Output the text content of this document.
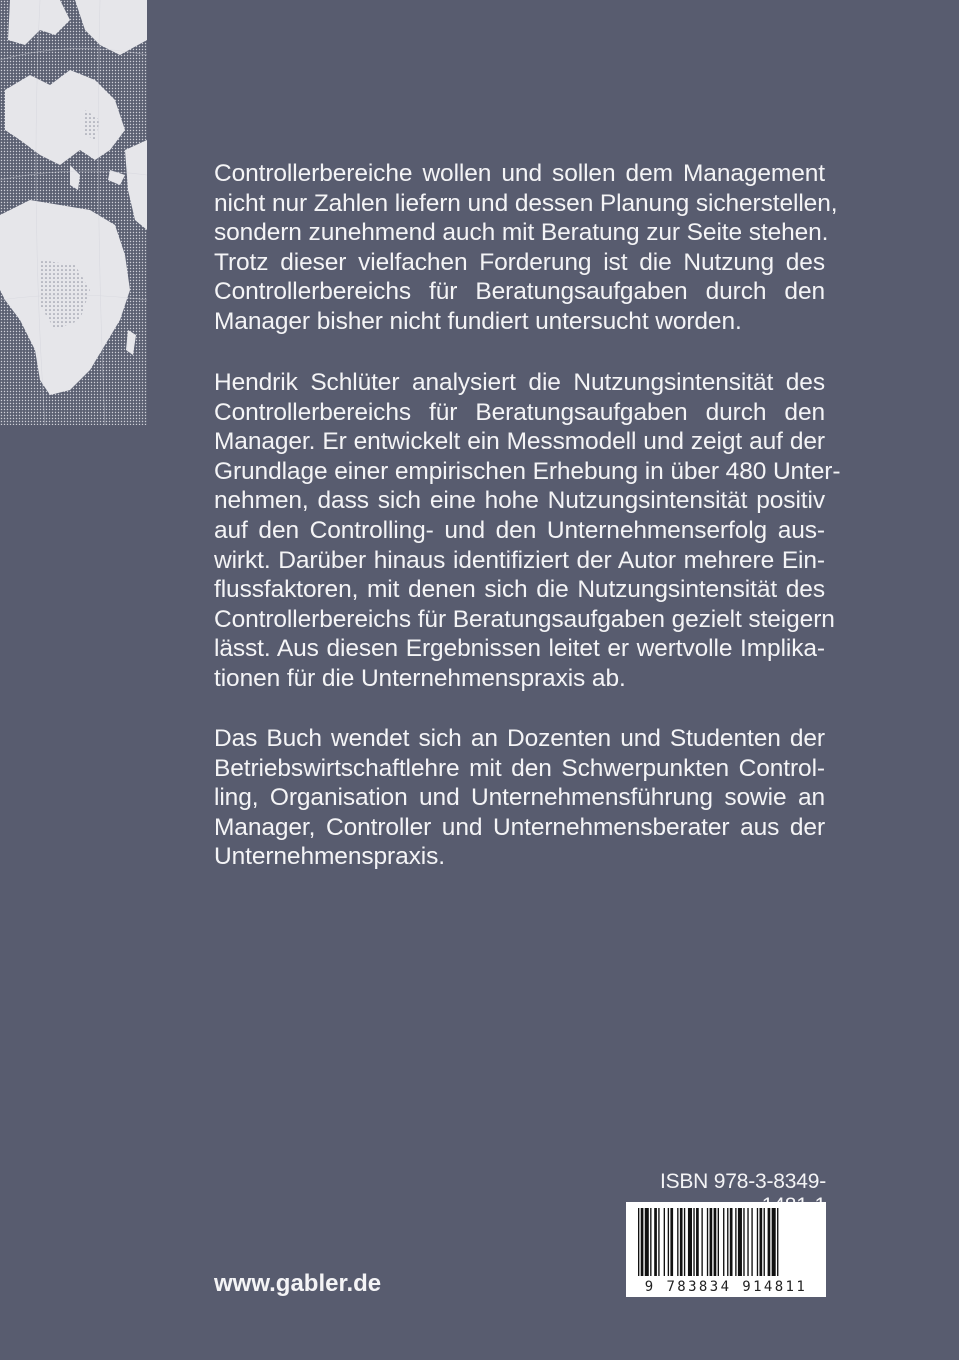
Controllerbereiche wollen und sollen dem Management
nicht nur Zahlen liefern und dessen Planung sicherstellen,
sondern zunehmend auch mit Beratung zur Seite stehen.
Trotz dieser vielfachen Forderung ist die Nutzung des
Controllerbereichs für Beratungsaufgaben durch den
Manager bisher nicht fundiert untersucht worden.
Hendrik Schlüter analysiert die Nutzungsintensität des
Controllerbereichs für Beratungsaufgaben durch den
Manager. Er entwickelt ein Messmodell und zeigt auf der
Grundlage einer empirischen Erhebung in über 480 Unter-
nehmen, dass sich eine hohe Nutzungsintensität positiv
auf den Controlling- und den Unternehmenserfolg aus-
wirkt. Darüber hinaus identifiziert der Autor mehrere Ein-
flussfaktoren, mit denen sich die Nutzungsintensität des
Controllerbereichs für Beratungsaufgaben gezielt steigern
lässt. Aus diesen Ergebnissen leitet er wertvolle Implika-
tionen für die Unternehmenspraxis ab.
Das Buch wendet sich an Dozenten und Studenten der
Betriebswirtschaftlehre mit den Schwerpunkten Control-
ling, Organisation und Unternehmensführung sowie an
Manager, Controller und Unternehmensberater aus der
Unternehmenspraxis.
www.gabler.de
ISBN 978-3-8349-
9 783834 914811
